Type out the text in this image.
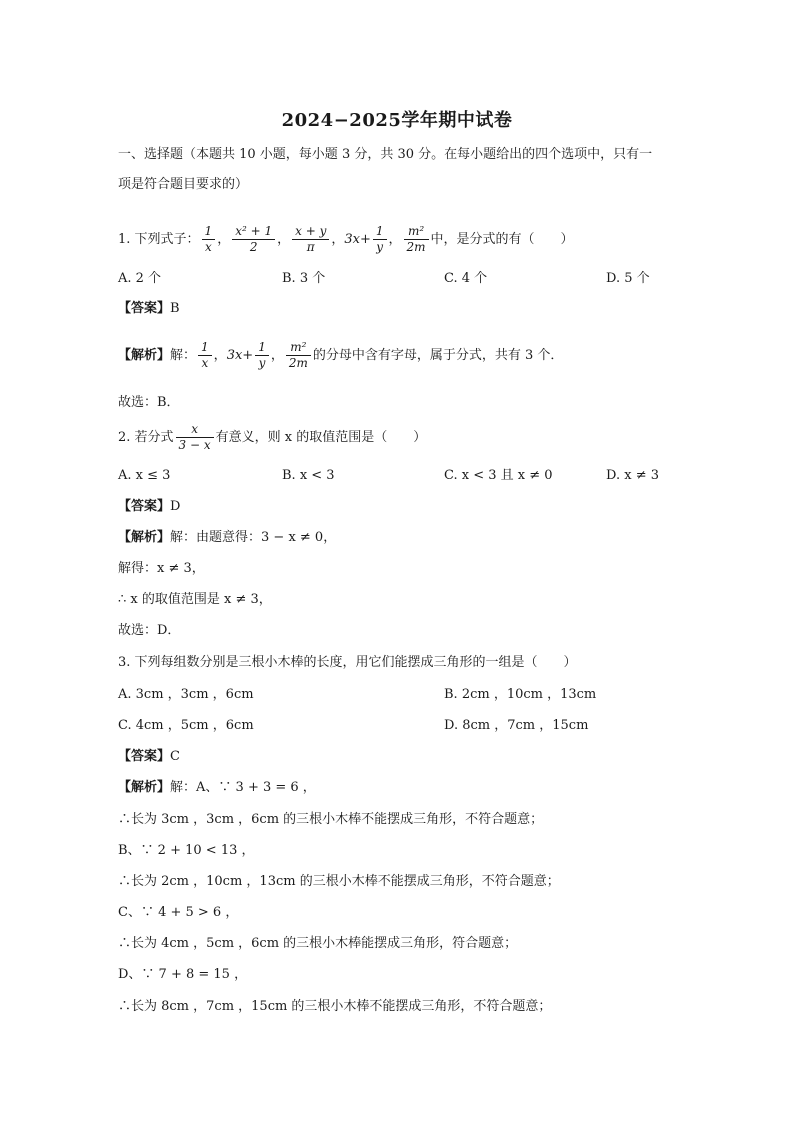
2024−2025学年期中试卷
一、选择题（本题共 10 小题，每小题 3 分，共 30 分。在每小题给出的四个选项中，只有一
项是符合题目要求的）
1. 下列式子： $\frac{1}{x}$ ， $\frac{\text{x² + 1}}{2}$ ， $\frac{x + y}{\pi}$ ，$3x+ \frac{1}{y}$ ， $\frac{\text{m²}}{2m}$ 中，是分式的有（　　）
A. 2 个	B. 3 个	C. 4 个	D. 5 个
【答案】B
【解析】解： $\frac{1}{x}$ ，$3x+ \frac{1}{y}$ ， $\frac{\text{m²}}{2m}$ 的分母中含有字母，属于分式，共有 3 个．
故选：B．
2. 若分式 $\frac{x}{3 - x}$ 有意义，则 x 的取值范围是（　　）
A. x ≤ 3	B. x < 3	C. x < 3 且 x ≠ 0	D. x ≠ 3
【答案】D
【解析】解：由题意得：3 − x ≠ 0，
解得：x ≠ 3，
∴ x 的取值范围是 x ≠ 3，
故选：D．
3. 下列每组数分别是三根小木棒的长度，用它们能摆成三角形的一组是（　　）
A. 3cm ，3cm ，6cm	B. 2cm ，10cm ，13cm
C. 4cm ，5cm ，6cm	D. 8cm ，7cm ，15cm
【答案】C
【解析】解：A、∵ 3 + 3 = 6 ，
∴长为 3cm ，3cm ，6cm 的三根小木棒不能摆成三角形，不符合题意；
B、∵ 2 + 10 < 13 ，
∴长为 2cm ，10cm ，13cm 的三根小木棒不能摆成三角形，不符合题意；
C、∵ 4 + 5 > 6 ，
∴长为 4cm ，5cm ，6cm 的三根小木棒能摆成三角形，符合题意；
D、∵ 7 + 8 = 15 ，
∴长为 8cm ，7cm ，15cm 的三根小木棒不能摆成三角形，不符合题意；
